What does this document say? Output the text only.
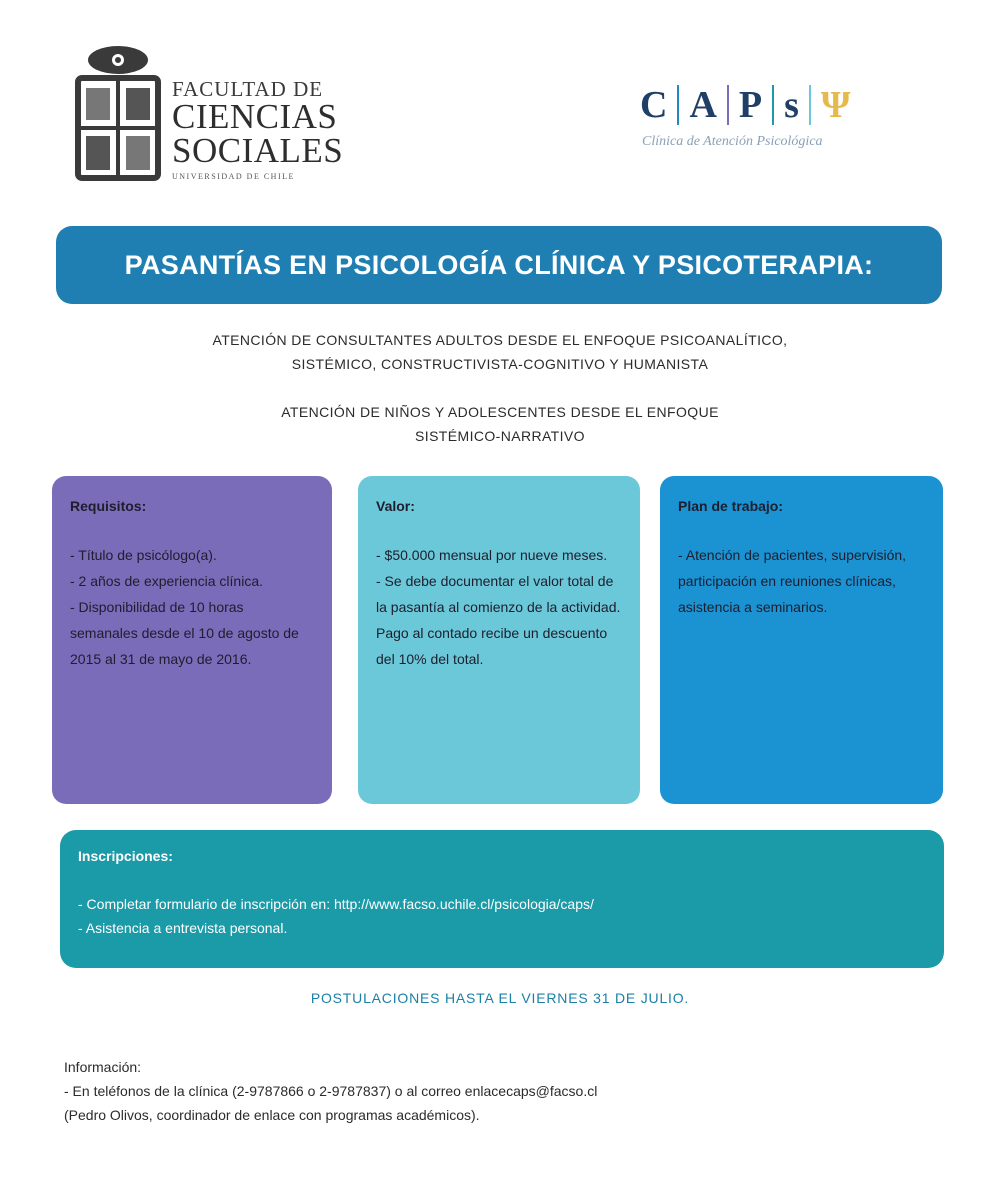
FACULTAD DE
CIENCIAS
SOCIALES
UNIVERSIDAD DE CHILE
C A P s Ψ
Clínica de Atención Psicológica
PASANTÍAS EN PSICOLOGÍA CLÍNICA Y PSICOTERAPIA:
ATENCIÓN DE CONSULTANTES ADULTOS DESDE EL ENFOQUE PSICOANALÍTICO,
SISTÉMICO, CONSTRUCTIVISTA-COGNITIVO Y HUMANISTA
ATENCIÓN DE NIÑOS Y ADOLESCENTES DESDE EL ENFOQUE
SISTÉMICO-NARRATIVO
Requisitos:
- Título de psicólogo(a).
- 2 años de experiencia clínica.
- Disponibilidad de 10 horas semanales desde el 10 de agosto de 2015 al 31 de mayo de 2016.
Valor:
- $50.000 mensual por nueve meses.
- Se debe documentar el valor total de la pasantía al comienzo de la actividad. Pago al contado recibe un descuento del 10% del total.
Plan de trabajo:
- Atención de pacientes, supervisión, participación en reuniones clínicas, asistencia a seminarios.
Inscripciones:
- Completar formulario de inscripción en: http://www.facso.uchile.cl/psicologia/caps/
- Asistencia a entrevista personal.
POSTULACIONES HASTA EL VIERNES 31 DE JULIO.
Información:
- En teléfonos de la clínica (2-9787866 o 2-9787837) o al correo enlacecaps@facso.cl
(Pedro Olivos, coordinador de enlace con programas académicos).
